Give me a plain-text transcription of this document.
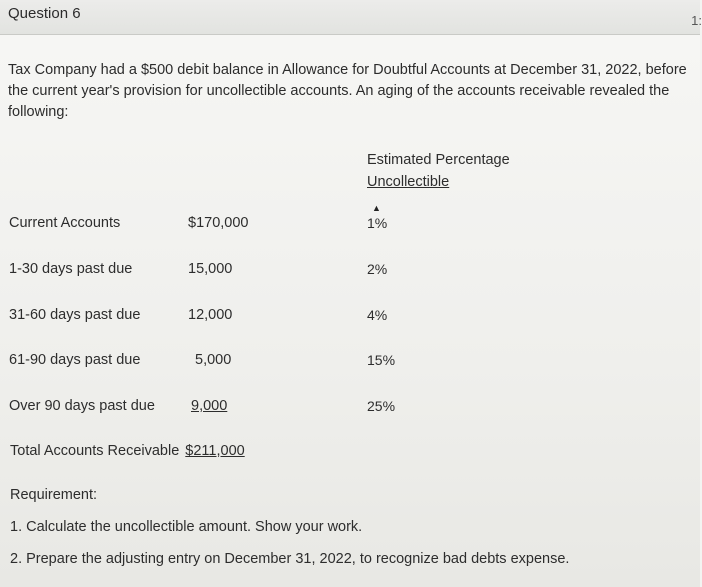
Question 6	1:
Tax Company had a $500 debit balance in Allowance for Doubtful Accounts at December 31, 2022, before
the current year's provision for uncollectible accounts. An aging of the accounts receivable revealed the
following:
Estimated Percentage
Uncollectible
▲
Current Accounts	$170,000	1%
1-30 days past due	15,000	2%
31-60 days past due	12,000	4%
61-90 days past due	5,000	15%
Over 90 days past due 9,000	25%
Total Accounts Receivable $211,000
Requirement:
1. Calculate the uncollectible amount. Show your work.
2. Prepare the adjusting entry on December 31, 2022, to recognize bad debts expense.
